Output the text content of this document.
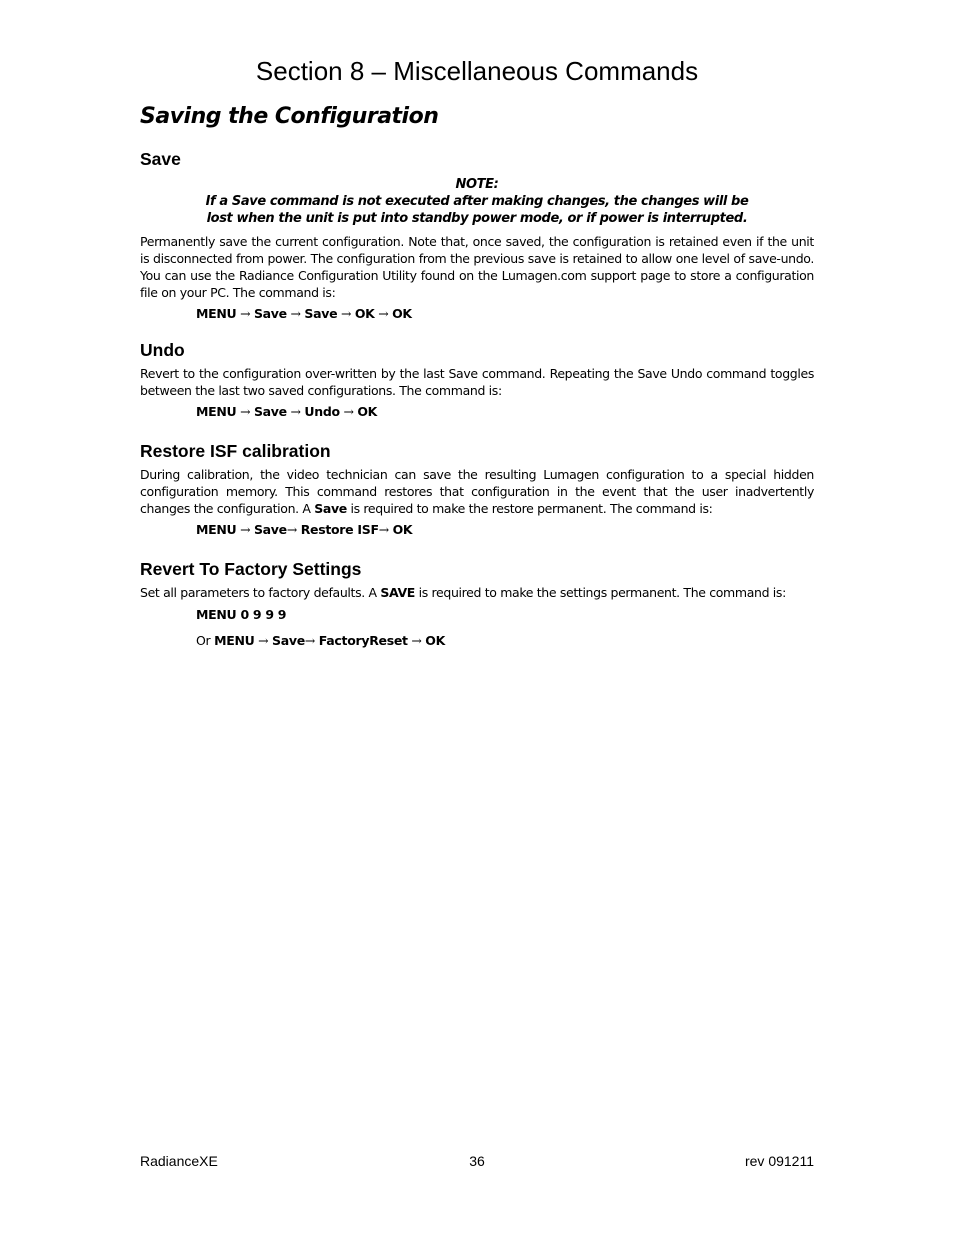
Section 8 – Miscellaneous Commands
Saving the Configuration
Save
NOTE:
If a Save command is not executed after making changes, the changes will be
lost when the unit is put into standby power mode, or if power is interrupted.

Permanently save the current configuration. Note that, once saved, the configuration is retained even if the unit is disconnected from power. The configuration from the previous save is retained to allow one level of save-undo. You can use the Radiance Configuration Utility found on the Lumagen.com support page to store a configuration file on your PC. The command is:

MENU → Save → Save → OK → OK
Undo

Revert to the configuration over-written by the last Save command. Repeating the Save Undo command toggles between the last two saved configurations. The command is:

MENU → Save → Undo → OK
Restore ISF calibration

During calibration, the video technician can save the resulting Lumagen configuration to a special hidden configuration memory. This command restores that configuration in the event that the user inadvertently changes the configuration. A Save is required to make the restore permanent. The command is:

MENU → Save→ Restore ISF→ OK
Revert To Factory Settings

Set all parameters to factory defaults. A SAVE is required to make the settings permanent. The command is:

MENU 0 9 9 9
Or MENU → Save→ FactoryReset → OK
RadianceXE	36	rev 091211
